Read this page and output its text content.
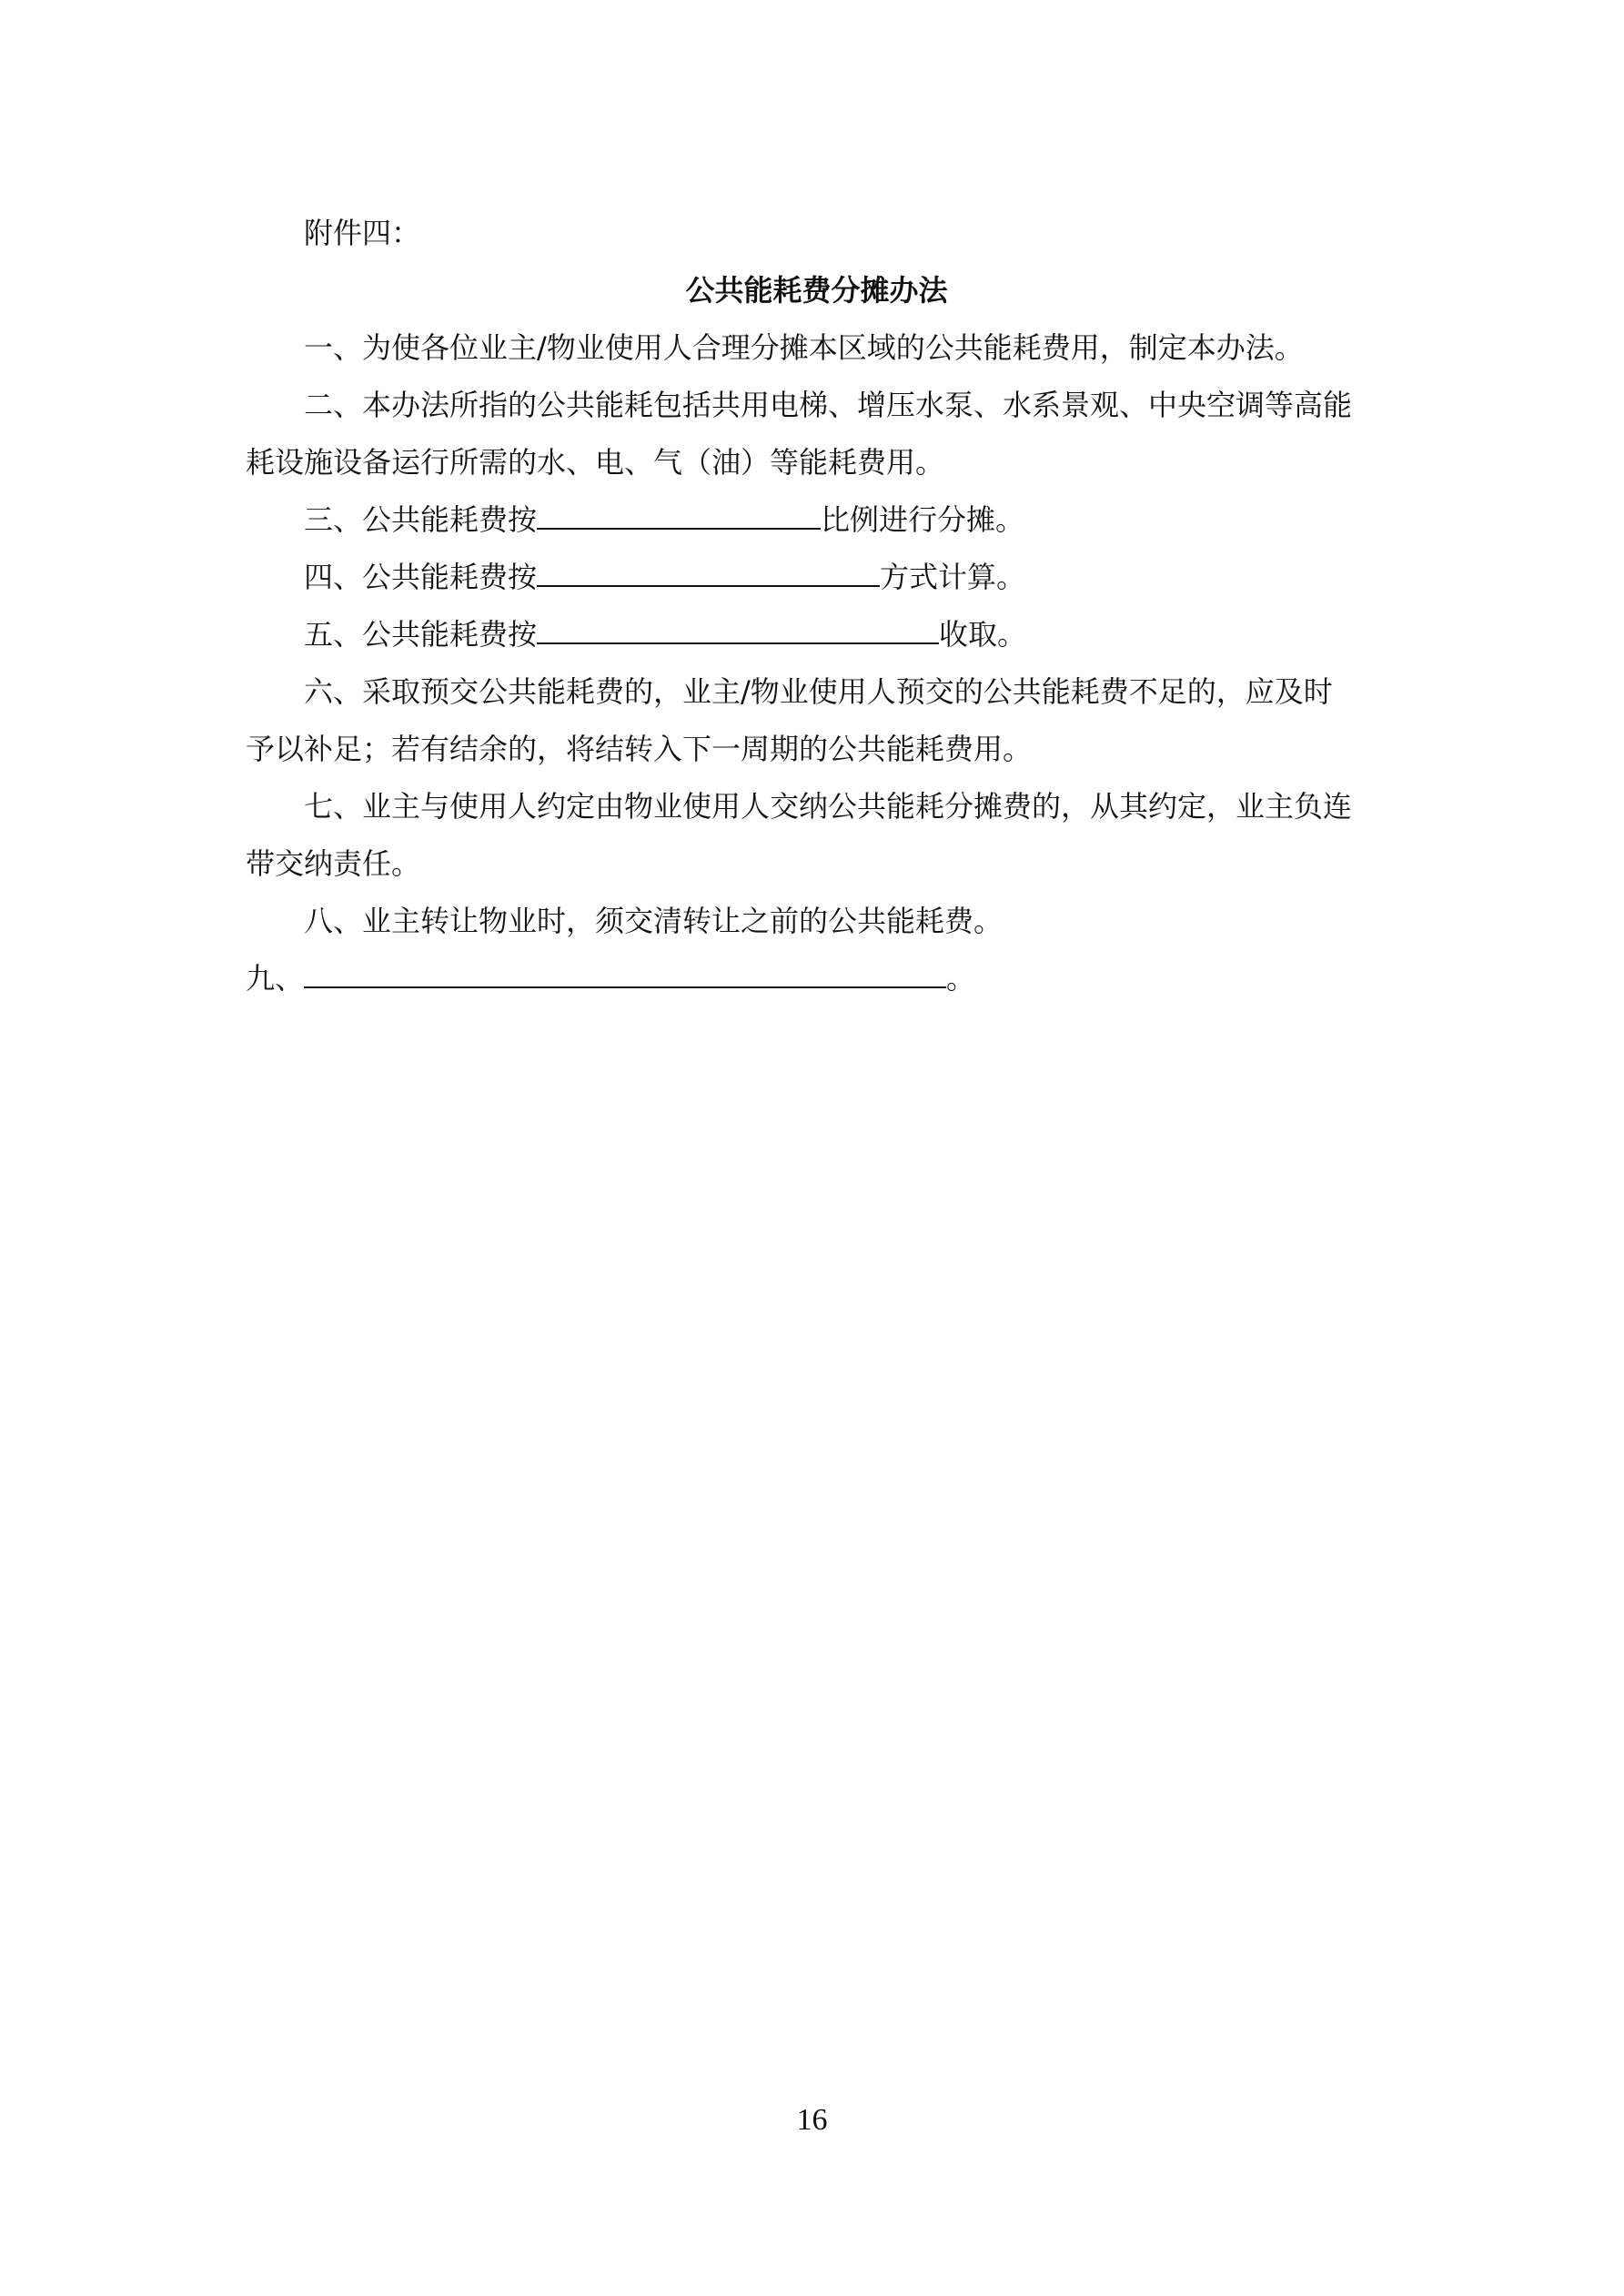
附件四：
公共能耗费分摊办法
一、为使各位业主/物业使用人合理分摊本区域的公共能耗费用，制定本办法。
二、本办法所指的公共能耗包括共用电梯、增压水泵、水系景观、中央空调等高能
耗设施设备运行所需的水、电、气（油）等能耗费用。
三、公共能耗费按	比例进行分摊。
四、公共能耗费按	方式计算。
五、公共能耗费按	收取。
六、采取预交公共能耗费的，业主/物业使用人预交的公共能耗费不足的，应及时
予以补足；若有结余的，将结转入下一周期的公共能耗费用。
七、业主与使用人约定由物业使用人交纳公共能耗分摊费的，从其约定，业主负连
带交纳责任。
八、业主转让物业时，须交清转让之前的公共能耗费。
九、	。
16
